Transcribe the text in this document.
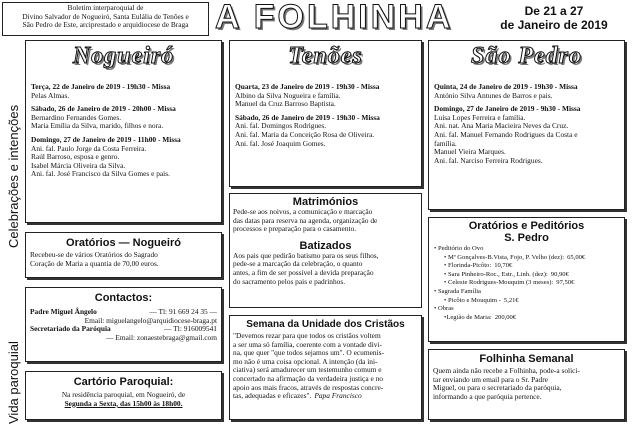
Boletim interparoquial de
Divino Salvador de Nogueiró, Santa Eulália de Tenões e
São Pedro de Este, arciprestado e arquidiocese de Braga A FOLHINHA	De 21 a 27
de Janeiro de 2019
Celebrações e intenções
Vida paroquial
Nogueiró
Terça, 22 de Janeiro de 2019 - 19h30 - Missa
Pelas Almas.
Sábado, 26 de Janeiro de 2019 - 20h00 - Missa
Bernardino Fernandes Gomes.
Maria Emília da Silva, marido, filhos e nora.
Domingo, 27 de Janeiro de 2019 - 11h00 - Missa
Ani. fal. Paulo Jorge da Costa Ferreira.
Raúl Barroso, esposa e genro.
Isabel Márcia Oliveira da Silva.
Ani. fal. José Francisco da Silva Gomes e pais.
Tenões
Quarta, 23 de Janeiro de 2019 - 19h30 - Missa
Albino da Silva Nogueira e família.
Manuel da Cruz Barroso Baptista.
Sábado, 26 de Janeiro de 2019 - 19h30 - Missa
Ani. fal. Domingos Rodrigues.
Ani. fal. Maria da Conceição Rosa de Oliveira.
Ani. fal. José Joaquim Gomes.
São Pedro
Quinta, 24 de Janeiro de 2019 - 19h30 - Missa
António Silva Antunes de Barros e pais.
Domingo, 27 de Janeiro de 2019 - 9h30 - Missa
Luísa Lopes Ferreira e família.
Ani. nat. Ana Maria Macieira Neves da Cruz.
Ani. fal. Manuel Fernando Rodrigues da Costa e
família.
Manuel Vieira Marques.
Ani. fal. Narciso Ferreira Rodrigues.
Oratórios — Nogueiró
Recebeu-se de vários Oratórios do Sagrado
Coração de Maria a quantia de 70,00 euros.
Contactos:
Padre Miguel Ângelo	— Tl: 91 669 24 35 —
Email: miguelangelo@arquidiocese-braga.pt
Secretariado da Paróquia	— Tl: 916009541
— Email: zonaestebraga@gmail.com
Cartório Paroquial:
Na residência paroquial, em Nogueiró, de
Segunda a Sexta, das 15h00 às 18h00.
Matrimónios
Pede-se aos noivos, a comunicação e marcação
das datas para reserva na agenda, organização de
processos e preparação para o casamento.
Batizados
Aos pais que pedirão batismo para os seus filhos,
pede-se a marcação da celebração, o quanto
antes, a fim de ser possível a devida preparação
do sacramento pelos pais e padrinhos.
Semana da Unidade dos Cristãos
"Devemos rezar para que todos os cristãos voltem
a ser uma só família, coerente com a vontade divi-
na, que quer "que todos sejamos um". O ecumenis-
mo não é uma coisa opcional. A intenção (da ini-
ciativa) será amadurecer um testemunho comum e
concertado na afirmação da verdadeira justiça e no
apoio aos mais fracos, através de respostas concre-
tas, adequadas e eficazes". Papa Francisco
Oratórios e Peditórios
S. Pedro
• Peditório do Ovo
• Mª Gonçalves-B.Vista, Fojo, P. Velho (dez): 65,00€
• Florinda-Picôto: 10,70€
• Sara Pinheiro-Roc., Estr., Linh. (dez): 90,90€
• Celeste Rodrigues-Mouquim (3 meses): 97,50€
• Sagrada Família
• Picôto e Mouquim - 5,21€
• Obras
•Legião de Maria: 200,00€
Folhinha Semanal
Quem ainda não recebe a Folhinha, pode-a solici-
tar enviando um email para o Sr. Padre
Miguel, ou para o secretariado da paróquia,
informando a que paróquia pertence.
